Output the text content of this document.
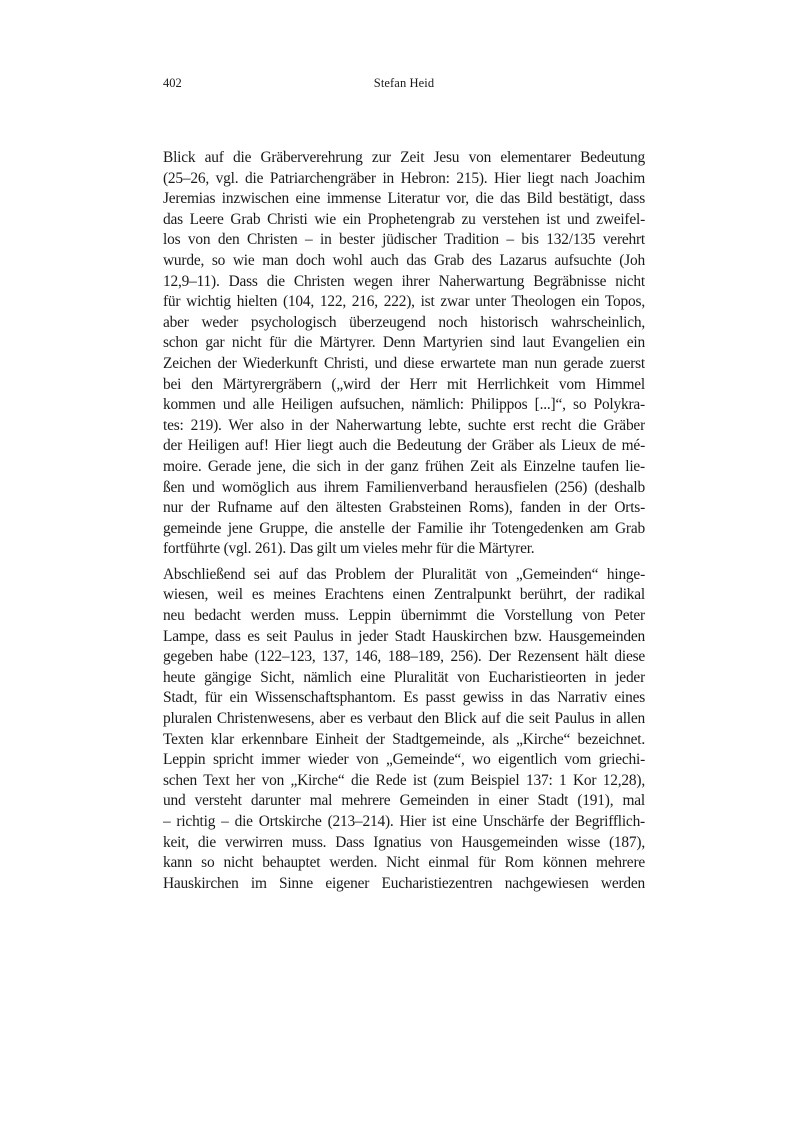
402	Stefan Heid
Blick auf die Gräberverehrung zur Zeit Jesu von elementarer Bedeutung
(25–26, vgl. die Patriarchengräber in Hebron: 215). Hier liegt nach Joachim
Jeremias inzwischen eine immense Literatur vor, die das Bild bestätigt, dass
das Leere Grab Christi wie ein Prophetengrab zu verstehen ist und zweifel-
los von den Christen – in bester jüdischer Tradition – bis 132/135 verehrt
wurde, so wie man doch wohl auch das Grab des Lazarus aufsuchte (Joh
12,9–11). Dass die Christen wegen ihrer Naherwartung Begräbnisse nicht
für wichtig hielten (104, 122, 216, 222), ist zwar unter Theologen ein Topos,
aber weder psychologisch überzeugend noch historisch wahrscheinlich,
schon gar nicht für die Märtyrer. Denn Martyrien sind laut Evangelien ein
Zeichen der Wiederkunft Christi, und diese erwartete man nun gerade zuerst
bei den Märtyrergräbern („wird der Herr mit Herrlichkeit vom Himmel
kommen und alle Heiligen aufsuchen, nämlich: Philippos [...]“, so Polykra-
tes: 219). Wer also in der Naherwartung lebte, suchte erst recht die Gräber
der Heiligen auf! Hier liegt auch die Bedeutung der Gräber als Lieux de mé-
moire. Gerade jene, die sich in der ganz frühen Zeit als Einzelne taufen lie-
ßen und womöglich aus ihrem Familienverband herausfielen (256) (deshalb
nur der Rufname auf den ältesten Grabsteinen Roms), fanden in der Orts-
gemeinde jene Gruppe, die anstelle der Familie ihr Totengedenken am Grab
fortführte (vgl. 261). Das gilt um vieles mehr für die Märtyrer.
Abschließend sei auf das Problem der Pluralität von „Gemeinden“ hinge-
wiesen, weil es meines Erachtens einen Zentralpunkt berührt, der radikal
neu bedacht werden muss. Leppin übernimmt die Vorstellung von Peter
Lampe, dass es seit Paulus in jeder Stadt Hauskirchen bzw. Hausgemeinden
gegeben habe (122–123, 137, 146, 188–189, 256). Der Rezensent hält diese
heute gängige Sicht, nämlich eine Pluralität von Eucharistieorten in jeder
Stadt, für ein Wissenschaftsphantom. Es passt gewiss in das Narrativ eines
pluralen Christenwesens, aber es verbaut den Blick auf die seit Paulus in allen
Texten klar erkennbare Einheit der Stadtgemeinde, als „Kirche“ bezeichnet.
Leppin spricht immer wieder von „Gemeinde“, wo eigentlich vom griechi-
schen Text her von „Kirche“ die Rede ist (zum Beispiel 137: 1 Kor 12,28),
und versteht darunter mal mehrere Gemeinden in einer Stadt (191), mal
– richtig – die Ortskirche (213–214). Hier ist eine Unschärfe der Begrifflich-
keit, die verwirren muss. Dass Ignatius von Hausgemeinden wisse (187),
kann so nicht behauptet werden. Nicht einmal für Rom können mehrere
Hauskirchen im Sinne eigener Eucharistiezentren nachgewiesen werden
